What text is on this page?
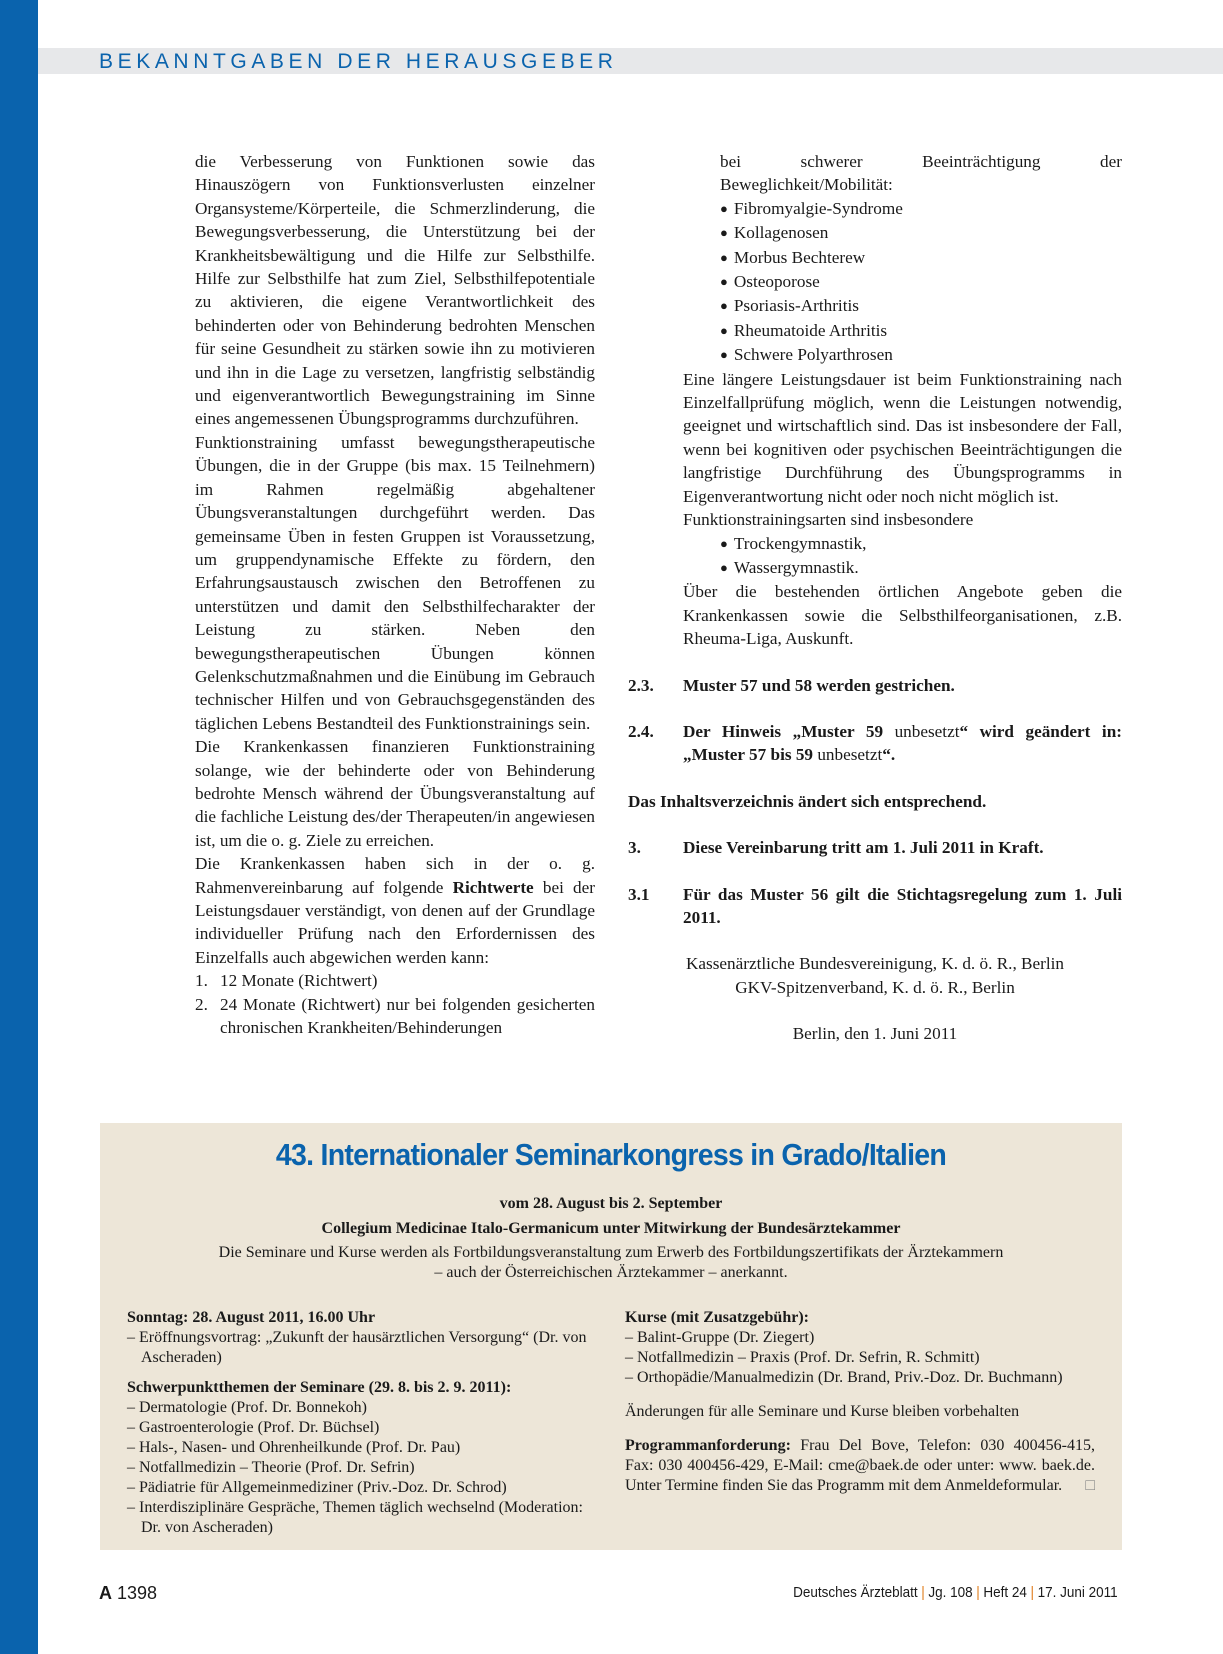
BEKANNTGABEN DER HERAUSGEBER

die Verbesserung von Funktionen sowie das Hinauszögern von Funktionsverlusten einzelner Organsysteme/Körperteile, die Schmerzlinderung, die Bewegungsverbesserung, die Unterstützung bei der Krankheitsbewältigung und die Hilfe zur Selbsthilfe. Hilfe zur Selbsthilfe hat zum Ziel, Selbsthilfepotentiale zu aktivieren, die eigene Verantwortlichkeit des behinderten oder von Behinderung bedrohten Menschen für seine Gesundheit zu stärken sowie ihn zu motivieren und ihn in die Lage zu versetzen, langfristig selbständig und eigenverantwortlich Bewegungstraining im Sinne eines angemessenen Übungsprogramms durchzuführen.

Funktionstraining umfasst bewegungstherapeutische Übungen, die in der Gruppe (bis max. 15 Teilnehmern) im Rahmen regelmäßig abgehaltener Übungsveranstaltungen durchgeführt werden. Das gemeinsame Üben in festen Gruppen ist Voraussetzung, um gruppendynamische Effekte zu fördern, den Erfahrungsaustausch zwischen den Betroffenen zu unterstützen und damit den Selbsthilfecharakter der Leistung zu stärken. Neben den bewegungstherapeutischen Übungen können Gelenkschutzmaßnahmen und die Einübung im Gebrauch technischer Hilfen und von Gebrauchsgegenständen des täglichen Lebens Bestandteil des Funktionstrainings sein.

Die Krankenkassen finanzieren Funktionstraining solange, wie der behinderte oder von Behinderung bedrohte Mensch während der Übungsveranstaltung auf die fachliche Leistung des/der Therapeuten/in angewiesen ist, um die o. g. Ziele zu erreichen.

Die Krankenkassen haben sich in der o. g. Rahmenvereinbarung auf folgende Richtwerte bei der Leistungsdauer verständigt, von denen auf der Grundlage individueller Prüfung nach den Erfordernissen des Einzelfalls auch abgewichen werden kann:

1. 12 Monate (Richtwert)
2. 24 Monate (Richtwert) nur bei folgenden gesicherten chronischen Krankheiten/Behinderungen

bei schwerer Beeinträchtigung der Beweglichkeit/Mobilität:

● Fibromyalgie-Syndrome
● Kollagenosen
● Morbus Bechterew
● Osteoporose
● Psoriasis-Arthritis
● Rheumatoide Arthritis
● Schwere Polyarthrosen

Eine längere Leistungsdauer ist beim Funktionstraining nach Einzelfallprüfung möglich, wenn die Leistungen notwendig, geeignet und wirtschaftlich sind. Das ist insbesondere der Fall, wenn bei kognitiven oder psychischen Beeinträchtigungen die langfristige Durchführung des Übungsprogramms in Eigenverantwortung nicht oder noch nicht möglich ist.

Funktionstrainingsarten sind insbesondere

● Trockengymnastik,
● Wassergymnastik.

Über die bestehenden örtlichen Angebote geben die Krankenkassen sowie die Selbsthilfeorganisationen, z.B. Rheuma-Liga, Auskunft.

2.3.	Muster 57 und 58 werden gestrichen.
2.4.	Der Hinweis „Muster 59 unbesetzt“ wird geändert in: „Muster 57 bis 59 unbesetzt“.
Das Inhaltsverzeichnis ändert sich entsprechend.
3.	Diese Vereinbarung tritt am 1. Juli 2011 in Kraft.
3.1	Für das Muster 56 gilt die Stichtagsregelung zum 1. Juli 2011.
Kassenärztliche Bundesvereinigung, K. d. ö. R., Berlin
GKV-Spitzenverband, K. d. ö. R., Berlin
Berlin, den 1. Juni 2011
43. Internationaler Seminarkongress in Grado/Italien
vom 28. August bis 2. September
Collegium Medicinae Italo-Germanicum unter Mitwirkung der Bundesärztekammer
Die Seminare und Kurse werden als Fortbildungsveranstaltung zum Erwerb des Fortbildungszertifikats der Ärztekammern
– auch der Österreichischen Ärztekammer – anerkannt.

Sonntag: 28. August 2011, 16.00 Uhr

– Eröffnungsvortrag: „Zukunft der hausärztlichen Versorgung“ (Dr. von Ascheraden)

Schwerpunktthemen der Seminare (29. 8. bis 2. 9. 2011):

– Dermatologie (Prof. Dr. Bonnekoh)

– Gastroenterologie (Prof. Dr. Büchsel)

– Hals-, Nasen- und Ohrenheilkunde (Prof. Dr. Pau)

– Notfallmedizin – Theorie (Prof. Dr. Sefrin)

– Pädiatrie für Allgemeinmediziner (Priv.-Doz. Dr. Schrod)

– Interdisziplinäre Gespräche, Themen täglich wechselnd (Moderation: Dr. von Ascheraden)

Kurse (mit Zusatzgebühr):

– Balint-Gruppe (Dr. Ziegert)

– Notfallmedizin – Praxis (Prof. Dr. Sefrin, R. Schmitt)

– Orthopädie/Manualmedizin (Dr. Brand, Priv.-Doz. Dr. Buchmann)

Änderungen für alle Seminare und Kurse bleiben vorbehalten

Programmanforderung: Frau Del Bove, Telefon: 030 400456-415, Fax: 030 400456-429, E-Mail: cme@baek.de oder unter: www. baek.de. Unter Termine finden Sie das Programm mit dem Anmeldeformular. □

A 1398	Deutsches Ärzteblatt | Jg. 108 | Heft 24 | 17. Juni 2011
